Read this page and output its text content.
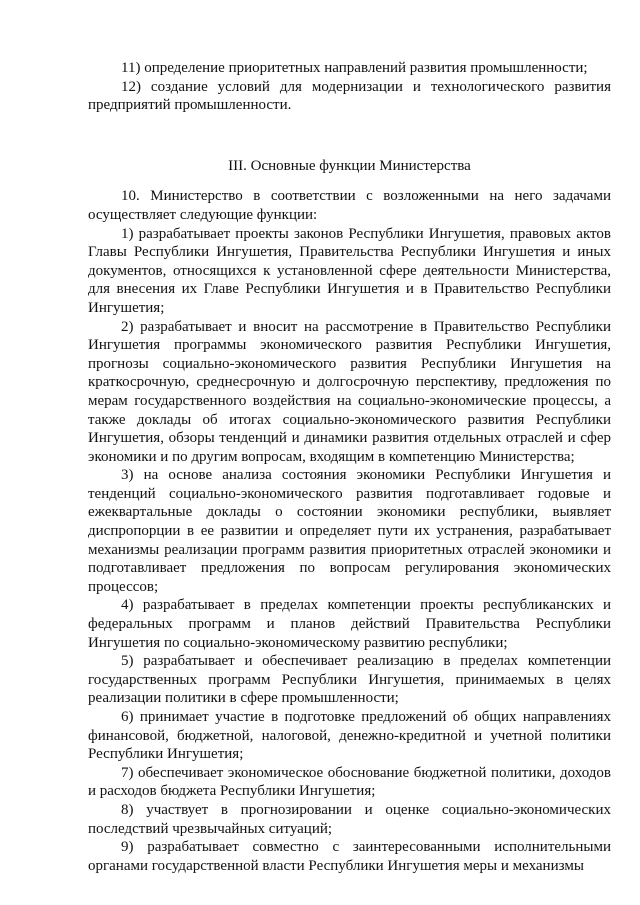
11) определение приоритетных направлений развития промышленности;

12) создание условий для модернизации и технологического развития предприятий промышленности.

III. Основные функции Министерства

10. Министерство в соответствии с возложенными на него задачами осуществляет следующие функции:

1) разрабатывает проекты законов Республики Ингушетия, правовых актов Главы Республики Ингушетия, Правительства Республики Ингушетия и иных документов, относящихся к установленной сфере деятельности Министерства, для внесения их Главе Республики Ингушетия и в Правительство Республики Ингушетия;

2) разрабатывает и вносит на рассмотрение в Правительство Республики Ингушетия программы экономического развития Республики Ингушетия, прогнозы социально-экономического развития Республики Ингушетия на краткосрочную, среднесрочную и долгосрочную перспективу, предложения по мерам государственного воздействия на социально-экономические процессы, а также доклады об итогах социально-экономического развития Республики Ингушетия, обзоры тенденций и динамики развития отдельных отраслей и сфер экономики и по другим вопросам, входящим в компетенцию Министерства;

3) на основе анализа состояния экономики Республики Ингушетия и тенденций социально-экономического развития подготавливает годовые и ежеквартальные доклады о состоянии экономики республики, выявляет диспропорции в ее развитии и определяет пути их устранения, разрабатывает механизмы реализации программ развития приоритетных отраслей экономики и подготавливает предложения по вопросам регулирования экономических процессов;

4) разрабатывает в пределах компетенции проекты республиканских и федеральных программ и планов действий Правительства Республики Ингушетия по социально-экономическому развитию республики;

5) разрабатывает и обеспечивает реализацию в пределах компетенции государственных программ Республики Ингушетия, принимаемых в целях реализации политики в сфере промышленности;

6) принимает участие в подготовке предложений об общих направлениях финансовой, бюджетной, налоговой, денежно-кредитной и учетной политики Республики Ингушетия;

7) обеспечивает экономическое обоснование бюджетной политики, доходов и расходов бюджета Республики Ингушетия;

8) участвует в прогнозировании и оценке социально-экономических последствий чрезвычайных ситуаций;

9) разрабатывает совместно с заинтересованными исполнительными органами государственной власти Республики Ингушетия меры и механизмы
